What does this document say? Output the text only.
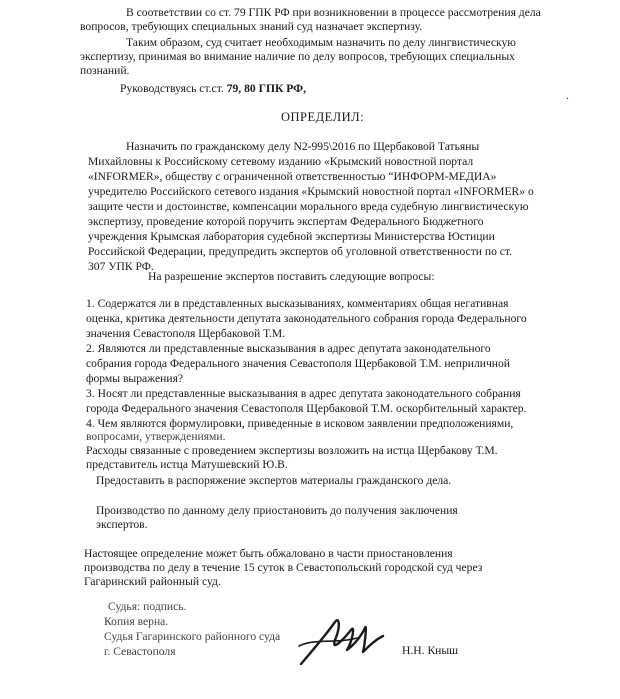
В соответствии со ст. 79 ГПК РФ при возникновении в процессе рассмотрения дела
вопросов, требующих специальных знаний суд назначает экспертизу.
Таким образом, суд считает необходимым назначить по делу лингвистическую
экспертизу, принимая во внимание наличие по делу вопросов, требующих специальных
познаний.
Руководствуясь ст.ст. 79, 80 ГПК РФ,	.
ОПРЕДЕЛИЛ:
Назначить по гражданскому делу N2-995\2016 по Щербаковой Татьяны
Михайловны к Российскому сетевому изданию «Крымский новостной портал
«INFORMER», обществу с ограниченной ответственностью “ИНФОРМ-МЕДИА»
учредителю Российского сетевого издания «Крымский новостной портал «INFORMER» о
защите чести и достоинстве, компенсации морального вреда судебную лингвистическую
экспертизу, проведение которой поручить экспертам Федерального Бюджетного
учреждения Крымская лаборатория судебной экспертизы Министерства Юстиции
Российской Федерации, предупредить экспертов об уголовной ответственности по ст.
307 УПК РФ.
На разрешение экспертов поставить следующие вопросы:
1. Содержатся ли в представленных высказываниях, комментариях общая негативная
оценка, критика деятельности депутата законодательного собрания города Федерального
значения Севастополя Щербаковой Т.М.
2. Являются ли представленные высказывания в адрес депутата законодательного
собрания города Федерального значения Севастополя Щербаковой Т.М. неприличной
формы выражения?
3. Носят ли представленные высказывания в адрес депутата законодательного собрания
города Федерального значения Севастополя Щербаковой Т.М. оскорбительный характер.
4. Чем являются формулировки, приведенные в исковом заявлении предположениями,
вопросами, утверждениями.
Расходы связанные с проведением экспертизы возложить на истца Щербакову Т.М.
представитель истца Матушевский Ю.В.
Предоставить в распоряжение экспертов материалы гражданского дела.
Производство по данному делу приостановить до получения заключения
экспертов.
Настоящее определение может быть обжаловано в части приостановления
производства по делу в течение 15 суток в Севастопольский городской суд через
Гагаринский районный суд.
Судья: подпись.
Копия верна.
Судья Гагаринского районного суда
г. Севастополя	Н.Н. Кныш
